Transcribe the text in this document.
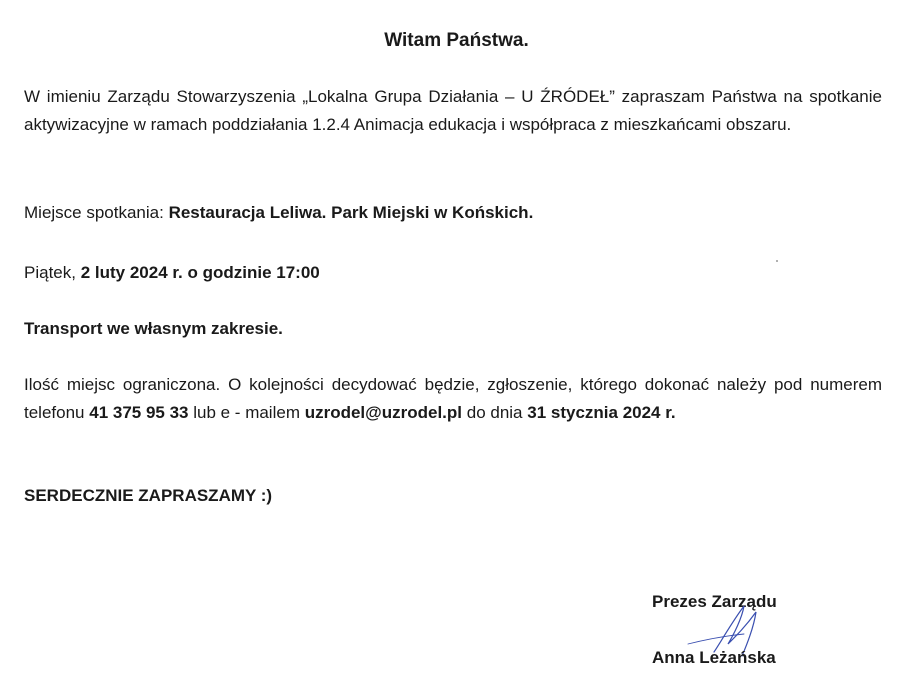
Witam Państwa.
W imieniu Zarządu Stowarzyszenia „Lokalna Grupa Działania – U ŹRÓDEŁ” zapraszam Państwa na spotkanie aktywizacyjne w ramach poddziałania 1.2.4 Animacja edukacja i współpraca z mieszkańcami obszaru.
Miejsce spotkania: Restauracja Leliwa. Park Miejski w Końskich.
Piątek, 2 luty 2024 r. o godzinie 17:00
Transport we własnym zakresie.
Ilość miejsc ograniczona. O kolejności decydować będzie, zgłoszenie, którego dokonać należy pod numerem telefonu 41 375 95 33 lub e - mailem uzrodel@uzrodel.pl do dnia 31 stycznia 2024 r.
SERDECZNIE ZAPRASZAMY :)
Prezes Zarządu
Anna Leżańska
